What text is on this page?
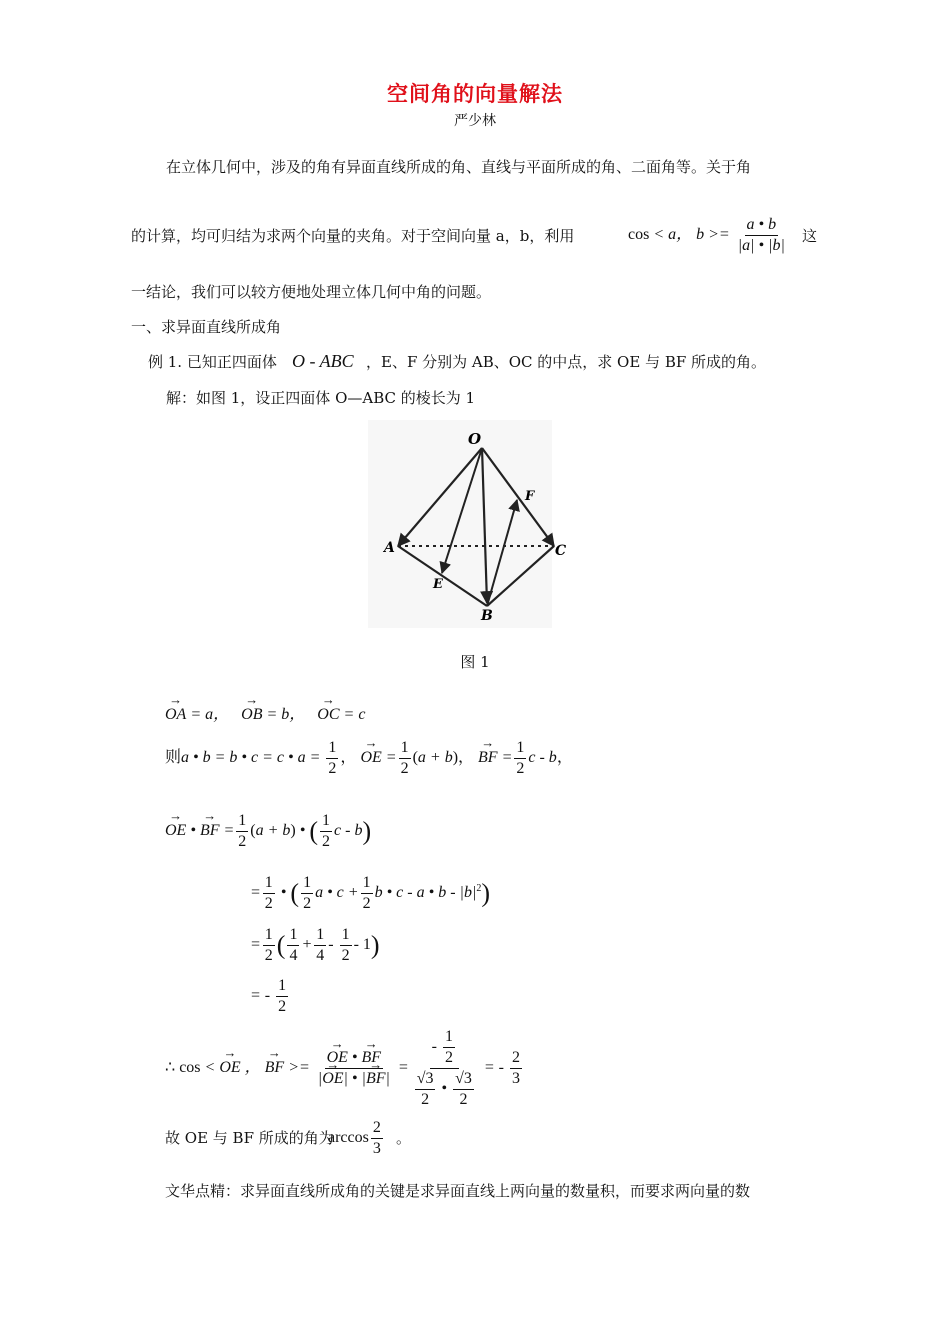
空间角的向量解法
严少林
在立体几何中，涉及的角有异面直线所成的角、直线与平面所成的角、二面角等。关于角
的计算，均可归结为求两个向量的夹角。对于空间向量 a，b，利用	cos < a， $b >= \frac{a • b}{|a| • |b|}$ 这
一结论，我们可以较方便地处理立体几何中角的问题。
一、求异面直线所成角
例 1. 已知正四面体 O - ABC ，E、F 分别为 AB、OC 的中点，求 OE 与 BF 所成的角。
解：如图 1，设正四面体 O—ABC 的棱长为 1
O
A
B
C
E
F
图 1
→ OA = a，   → OB = b，   → OC = c
则a • b = b • c = c • $a = \frac{1}{2}$ ， → OE = $\frac{1}{2} (a + b)$， → BF = $\frac{1}{2}$ c - b，
→ OE • → BF = $\frac{1}{2} (a + b)$ • ( $\frac{1}{2}$ c - b)
= $\frac{1}{2}$ • ( $\frac{1}{2}$ a • $c + \frac{1}{2}$ b • c - a • b - $|b|^2$)
= $\frac{1}{2}$ ( $\frac{1}{4} + \frac{1}{4} - \frac{1}{2} - 1$)
= - $\frac{1}{2}$
∴ cos < → OE ， → BF >= → $\frac{OE • \to BF}{|\to OE| • |\to BF|} = \frac{- \frac{1}{2}}{\frac{√3}{2} • \frac{√3}{2}}$ = - $\frac{2}{3}$
故 OE 与 BF 所成的角为
$\arccos \frac{2}{3}$ 。
文华点精：求异面直线所成角的关键是求异面直线上两向量的数量积，而要求两向量的数
